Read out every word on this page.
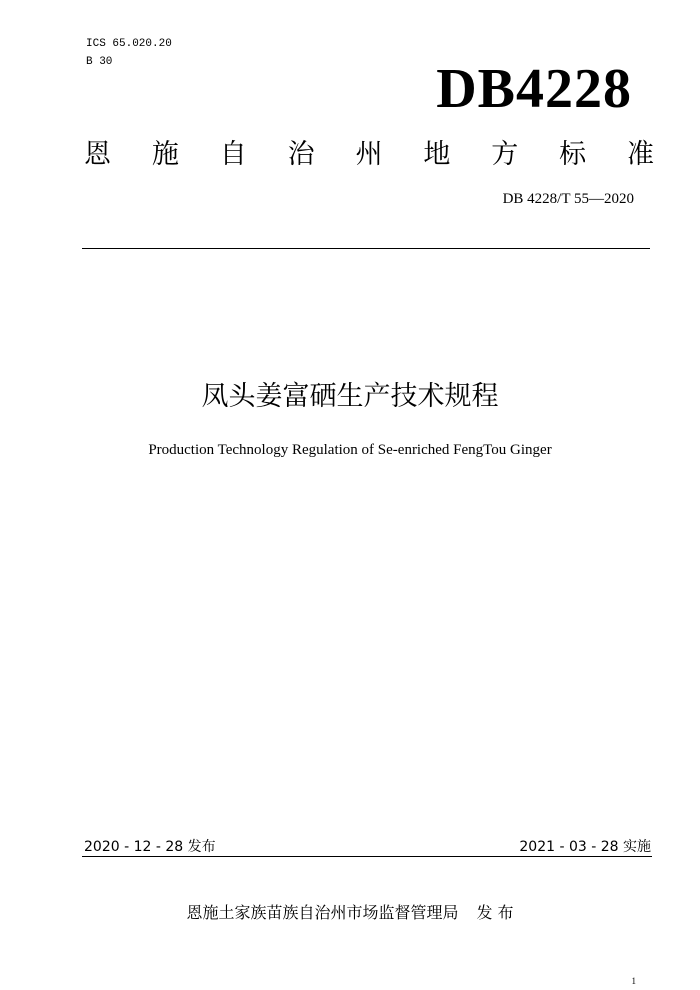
ICS 65.020.20
B 30	DB4228
恩 施 自 治 州 地 方 标 准
DB 4228/T 55—2020
凤头姜富硒生产技术规程
Production Technology Regulation of Se-enriched FengTou Ginger
2020 - 12 - 28 发布	2021 - 03 - 28 实施
恩施土家族苗族自治州市场监督管理局 发 布
1
